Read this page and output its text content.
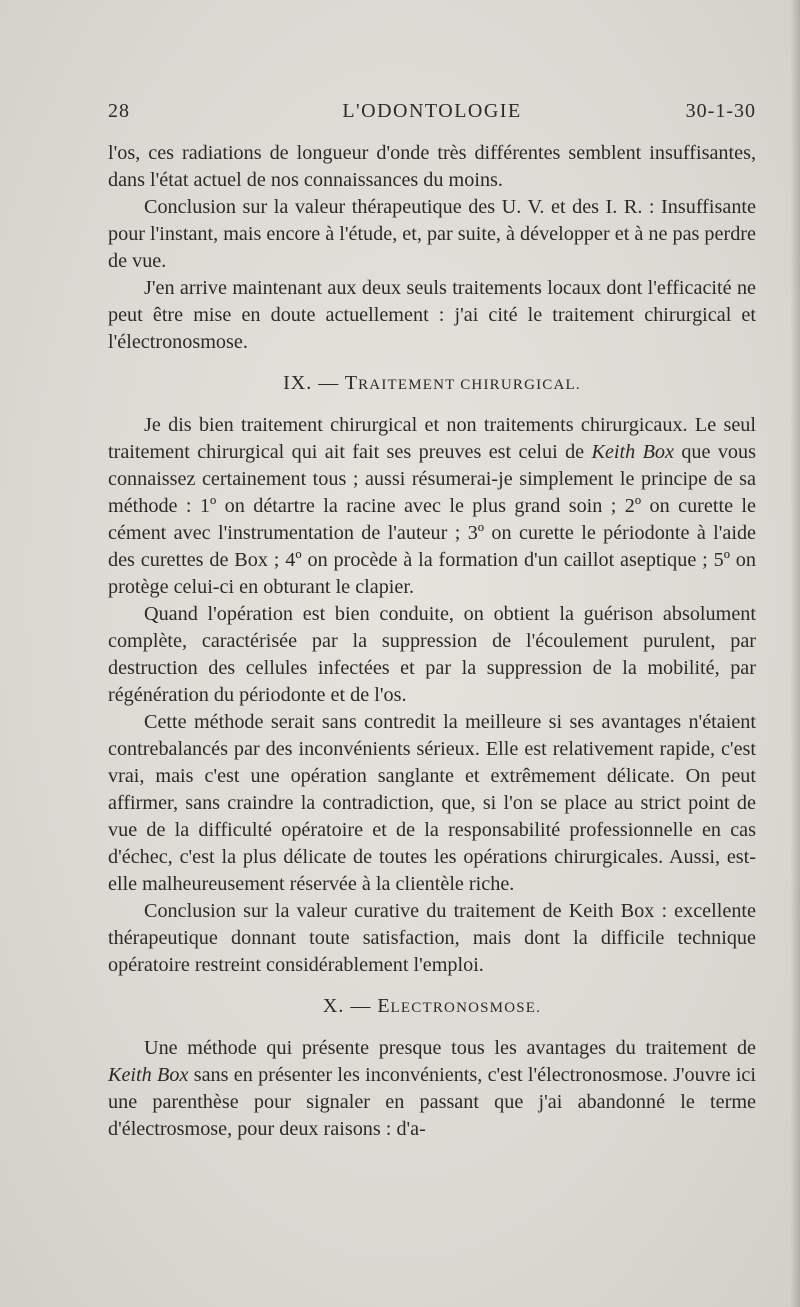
28	L'ODONTOLOGIE	30-1-30

l'os, ces radiations de longueur d'onde très différentes semblent insuffisantes, dans l'état actuel de nos connaissances du moins.

Conclusion sur la valeur thérapeutique des U. V. et des I. R. : Insuffisante pour l'instant, mais encore à l'étude, et, par suite, à développer et à ne pas perdre de vue.

J'en arrive maintenant aux deux seuls traitements locaux dont l'efficacité ne peut être mise en doute actuellement : j'ai cité le traitement chirurgical et l'électronosmose.

IX. — TRAITEMENT CHIRURGICAL.

Je dis bien traitement chirurgical et non traitements chirurgicaux. Le seul traitement chirurgical qui ait fait ses preuves est celui de Keith Box que vous connaissez certainement tous ; aussi résumerai-je simplement le principe de sa méthode : 1º on détartre la racine avec le plus grand soin ; 2º on curette le cément avec l'instrumentation de l'auteur ; 3º on curette le périodonte à l'aide des curettes de Box ; 4º on procède à la formation d'un caillot aseptique ; 5º on protège celui-ci en obturant le clapier.

Quand l'opération est bien conduite, on obtient la guérison absolument complète, caractérisée par la suppression de l'écoulement purulent, par destruction des cellules infectées et par la suppression de la mobilité, par régénération du périodonte et de l'os.

Cette méthode serait sans contredit la meilleure si ses avantages n'étaient contrebalancés par des inconvénients sérieux. Elle est relativement rapide, c'est vrai, mais c'est une opération sanglante et extrêmement délicate. On peut affirmer, sans craindre la contradiction, que, si l'on se place au strict point de vue de la difficulté opératoire et de la responsabilité professionnelle en cas d'échec, c'est la plus délicate de toutes les opérations chirurgicales. Aussi, est-elle malheureusement réservée à la clientèle riche.

Conclusion sur la valeur curative du traitement de Keith Box : excellente thérapeutique donnant toute satisfaction, mais dont la difficile technique opératoire restreint considérablement l'emploi.

X. — ELECTRONOSMOSE.

Une méthode qui présente presque tous les avantages du traitement de Keith Box sans en présenter les inconvénients, c'est l'électronosmose. J'ouvre ici une parenthèse pour signaler en passant que j'ai abandonné le terme d'électrosmose, pour deux raisons : d'a-
